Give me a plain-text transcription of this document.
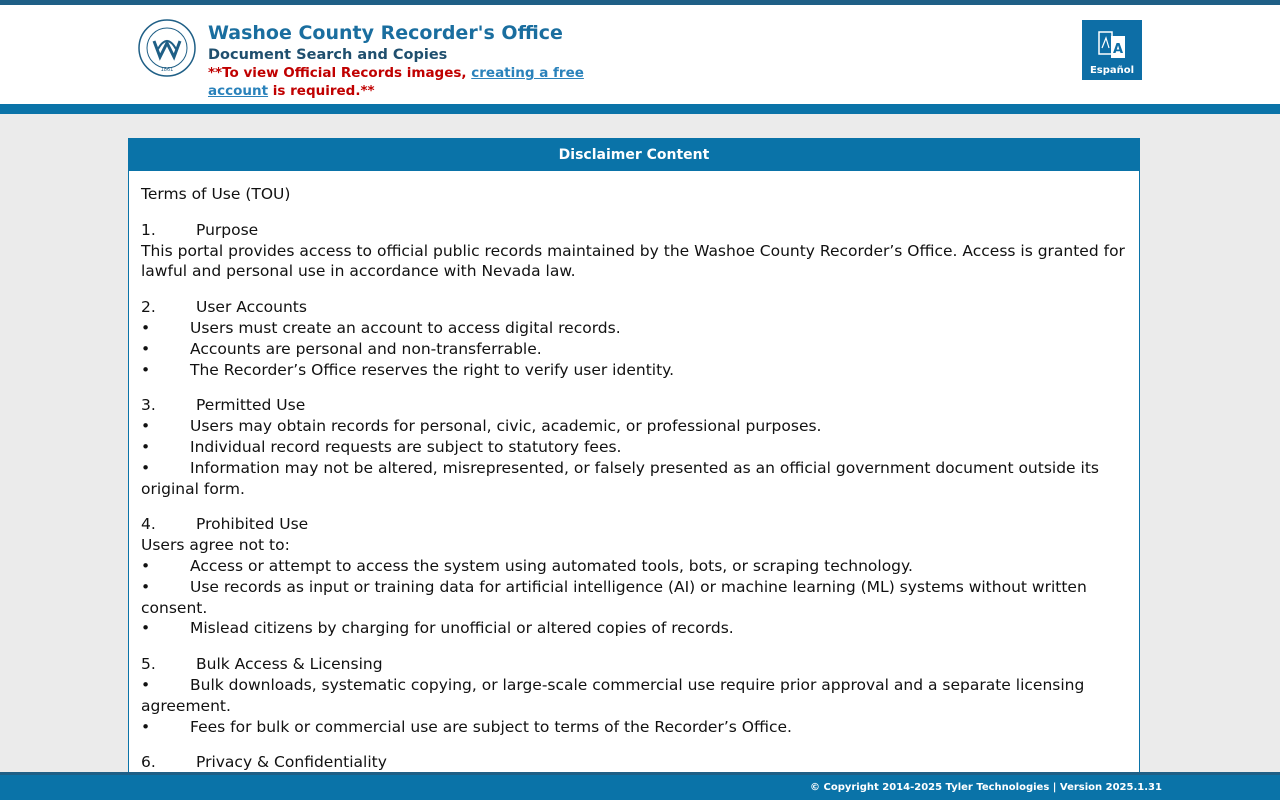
1861
Washoe County Recorder's Office
Document Search and Copies
**To view Official Records images, creating a free account is required.**
A
Español
Disclaimer Content

Terms of Use (TOU)

1.	Purpose
This portal provides access to official public records maintained by the Washoe County Recorder’s Office. Access is granted for lawful and personal use in accordance with Nevada law.

2.	User Accounts
•	Users must create an account to access digital records.
•	Accounts are personal and non-transferrable.
•	The Recorder’s Office reserves the right to verify user identity.

3.	Permitted Use
•	Users may obtain records for personal, civic, academic, or professional purposes.
•	Individual record requests are subject to statutory fees.
•	Information may not be altered, misrepresented, or falsely presented as an official government document outside its original form.

4.	Prohibited Use
Users agree not to:
•	Access or attempt to access the system using automated tools, bots, or scraping technology.
•	Use records as input or training data for artificial intelligence (AI) or machine learning (ML) systems without written consent.
•	Mislead citizens by charging for unofficial or altered copies of records.

5.	Bulk Access & Licensing
•	Bulk downloads, systematic copying, or large-scale commercial use require prior approval and a separate licensing agreement.
•	Fees for bulk or commercial use are subject to terms of the Recorder’s Office.

6.	Privacy & Confidentiality

© Copyright 2014-2025 Tyler Technologies | Version 2025.1.31
